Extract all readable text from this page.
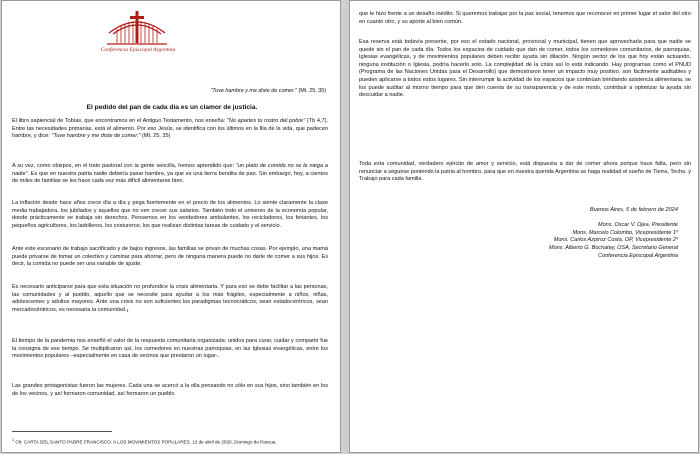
Conferencia Episcopal Argentina
"Tuve hambre y me diste de comer." (Mt. 25, 35)
El pedido del pan de cada día es un clamor de justicia.

El libro sapiencial de Tobías, que encontramos en el Antiguo Testamento, nos enseña: "No apartes tu rostro del pobre" (Tb 4,7). Entre las necesidades primarias, está el alimento. Por eso Jesús, se identifica con los últimos en la fila de la vida, que padecen hambre, y dice: "Tuve hambre y me diste de comer." (Mt. 25, 35)

A su vez, como obispos, en el trato pastoral con la gente sencilla, hemos aprendido que: "un plato de comida no se le niega a nadie". Es que en nuestra patria nadie debería pasar hambre, ya que es una tierra bendita de pan. Sin embargo, hoy, a cientos de miles de familias se les hace cada vez más difícil alimentarse bien.

La inflación desde hace años crece día a día y pega fuertemente en el precio de los alimentos. Lo siente claramente la clase media trabajadora, los jubilados y aquellos que no ven crecer sus salarios. También todo el universo de la economía popular, donde prácticamente se trabaja sin derechos. Pensemos en los vendedores ambulantes, los recicladores, los feriantes, los pequeños agricultores, los ladrilleros, los costureros, los que realizan distintas tareas de cuidado y el servicio.

Ante este escenario de trabajo sacrificado y de bajos ingresos, las familias se privan de muchas cosas. Por ejemplo, una mamá puede privarse de tomar un colectivo y caminar para ahorrar, pero de ninguna manera puede no darle de comer a sus hijos. Es decir, la comida no puede ser una variable de ajuste.

Es necesario anticiparse para que esta situación no profundice la crisis alimentaria. Y para eso se debe facilitar a las personas, las comunidades y al pueblo, aquello que se necesite para ayudar a los más frágiles, especialmente a niños, niñas, adolescentes y adultos mayores. Ante una crisis no son suficientes los paradigmas tecnocráticos, sean estadocéntricos, sean mercadocéntricos, es necesaria la comunidad.$^1$

El tiempo de la pandemia nos enseñó el valor de la respuesta comunitaria organizada: unidos para curar, cuidar y compartir fue la consigna de ese tiempo. Se multiplicaron así, los comedores en nuestras parroquias, en las Iglesias evangélicas, entre los movimientos populares –especialmente en casa de vecinos que prestaron un lugar-.

Las grandes protagonistas fueron las mujeres. Cada una se acercó a la olla pensando no sólo en sus hijos, sino también en los de los vecinos, y así formaron comunidad, así formaron un pueblo

$^1$ Cfr. CARTA DEL SANTO PADRE FRANCISCO. A LOS MOVIMIENTOS POPULARES. 12 de abril de 2020, Domingo de Pascua.

que le hizo frente a un desafío inédito. Si queremos trabajar por la paz social, tenemos que reconocer en primer lugar el valor del otro en cuanto otro, y su aporte al bien común.

Esa reserva está todavía presente, por eso el estado nacional, provincial y municipal, tienen que aprovecharla para que nadie se quede sin el pan de cada día. Todos los espacios de cuidado que dan de comer, todos los comedores comunitarios, de parroquias, Iglesias evangélicas, y de movimientos populares deben recibir ayuda sin dilación. Ningún sector de los que hoy están actuando, ninguna institución o Iglesia, podría hacerlo solo. La complejidad de la crisis así lo está indicando. Hay programas como el PNUD (Programa de las Naciones Unidas para el Desarrollo) que demostraron tener un impacto muy positivo, son fácilmente auditables y pueden aplicarse a todos estos lugares. Sin interrumpir la actividad de los espacios que continúan brindando asistencia alimentaria, se los puede auditar al mismo tiempo para que den cuenta de su transparencia y de este modo, contribuir a optimizar la ayuda sin descuidar a nadie.

Toda esta comunidad, verdadero ejército de amor y servicio, está dispuesta a dar de comer ahora porque hace falta, pero sin renunciar a seguirse poniendo la patria al hombro, para que en nuestra querida Argentina se haga realidad el sueño de Tierra, Techo, y Trabajo para cada familia.

Buenos Aires, 5 de febrero de 2024
Mons. Oscar V. Ojea, Presidente
Mons. Marcelo Colombo, Vicepresidente 1º
Mons. Carlos Azpiroz Costa, OP, Vicepresidente 2º
Mons. Alberto G. Bochatey, OSA, Secretario General
Conferencia Episcopal Argentina
